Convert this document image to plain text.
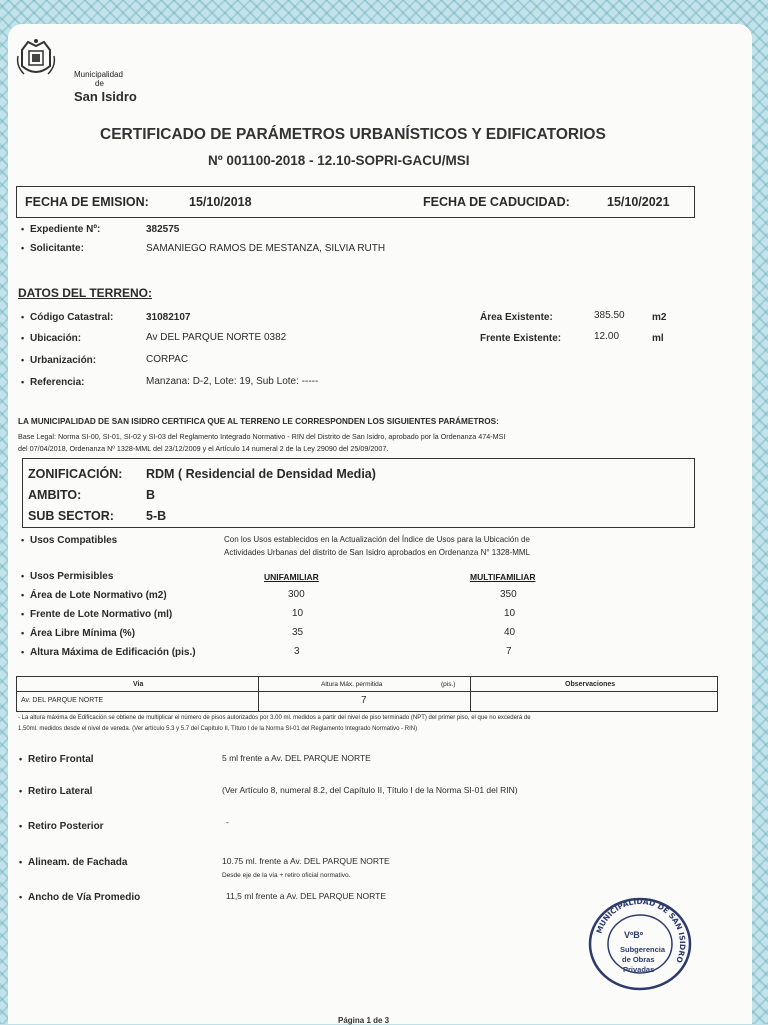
Municipalidad
de
San Isidro
CERTIFICADO DE PARÁMETROS URBANÍSTICOS Y EDIFICATORIOS
Nº 001100-2018 - 12.10-SOPRI-GACU/MSI
FECHA DE EMISION:	15/10/2018	FECHA DE CADUCIDAD:	15/10/2021
• Expediente Nº:	382575
• Solicitante:	SAMANIEGO RAMOS DE MESTANZA, SILVIA RUTH
DATOS DEL TERRENO:
• Código Catastral:	31082107
• Ubicación:	Av DEL PARQUE NORTE 0382
• Urbanización:	CORPAC
• Referencia:	Manzana: D-2, Lote: 19, Sub Lote: -----
Área Existente:	385.50	m2
Frente Existente:	12.00	ml
LA MUNICIPALIDAD DE SAN ISIDRO CERTIFICA QUE AL TERRENO LE CORRESPONDEN LOS SIGUIENTES PARÁMETROS:
Base Legal: Norma SI-00, SI-01, SI-02 y SI-03 del Reglamento Integrado Normativo - RIN del Distrito de San Isidro, aprobado por la Ordenanza 474-MSI
del 07/04/2018, Ordenanza Nº 1328-MML del 23/12/2009 y el Artículo 14 numeral 2 de la Ley 29090 del 25/09/2007.
ZONIFICACIÓN: RDM ( Residencial de Densidad Media)
AMBITO:	B
SUB SECTOR:	5-B
• Usos Compatibles	Con los Usos establecidos en la Actualización del Índice de Usos para la Ubicación de
Actividades Urbanas del distrito de San Isidro aprobados en Ordenanza N° 1328-MML
• Usos Permisibles	UNIFAMILIAR	MULTIFAMILIAR
• Área de Lote Normativo (m2)	300	350
• Frente de Lote Normativo (ml)	10	10
• Área Libre Mínima (%)	35	40
• Altura Máxima de Edificación (pis.)	3	7
Via	Altura Máx. permitida	(pis.)	Observaciones
Av. DEL PARQUE NORTE	7
- La altura máxima de Edificación se obtiene de multiplicar el número de pisos autorizados por 3.00 ml. medidos a partir del nivel de piso terminado (NPT) del primer piso, el que no excederá de
1.50ml. medidos desde el nivel de vereda. (Ver artículo 5.3 y 5.7 del Capítulo II, Título I de la Norma SI-01 del Reglamento Integrado Normativo - RIN)
• Retiro Frontal	5 ml frente a Av. DEL PARQUE NORTE
• Retiro Lateral	(Ver Artículo 8, numeral 8.2, del Capítulo II, Título I de la Norma SI-01 del RIN)
• Retiro Posterior	-
• Alineam. de Fachada	10.75 ml. frente a Av. DEL PARQUE NORTE
Desde eje de la vía + retiro oficial normativo.
• Ancho de Vía Promedio	11,5 ml frente a Av. DEL PARQUE NORTE
MUNICIPALIDAD DE SAN ISIDRO
VºBº
Subgerencia
de Obras
Privadas
Página 1 de 3
